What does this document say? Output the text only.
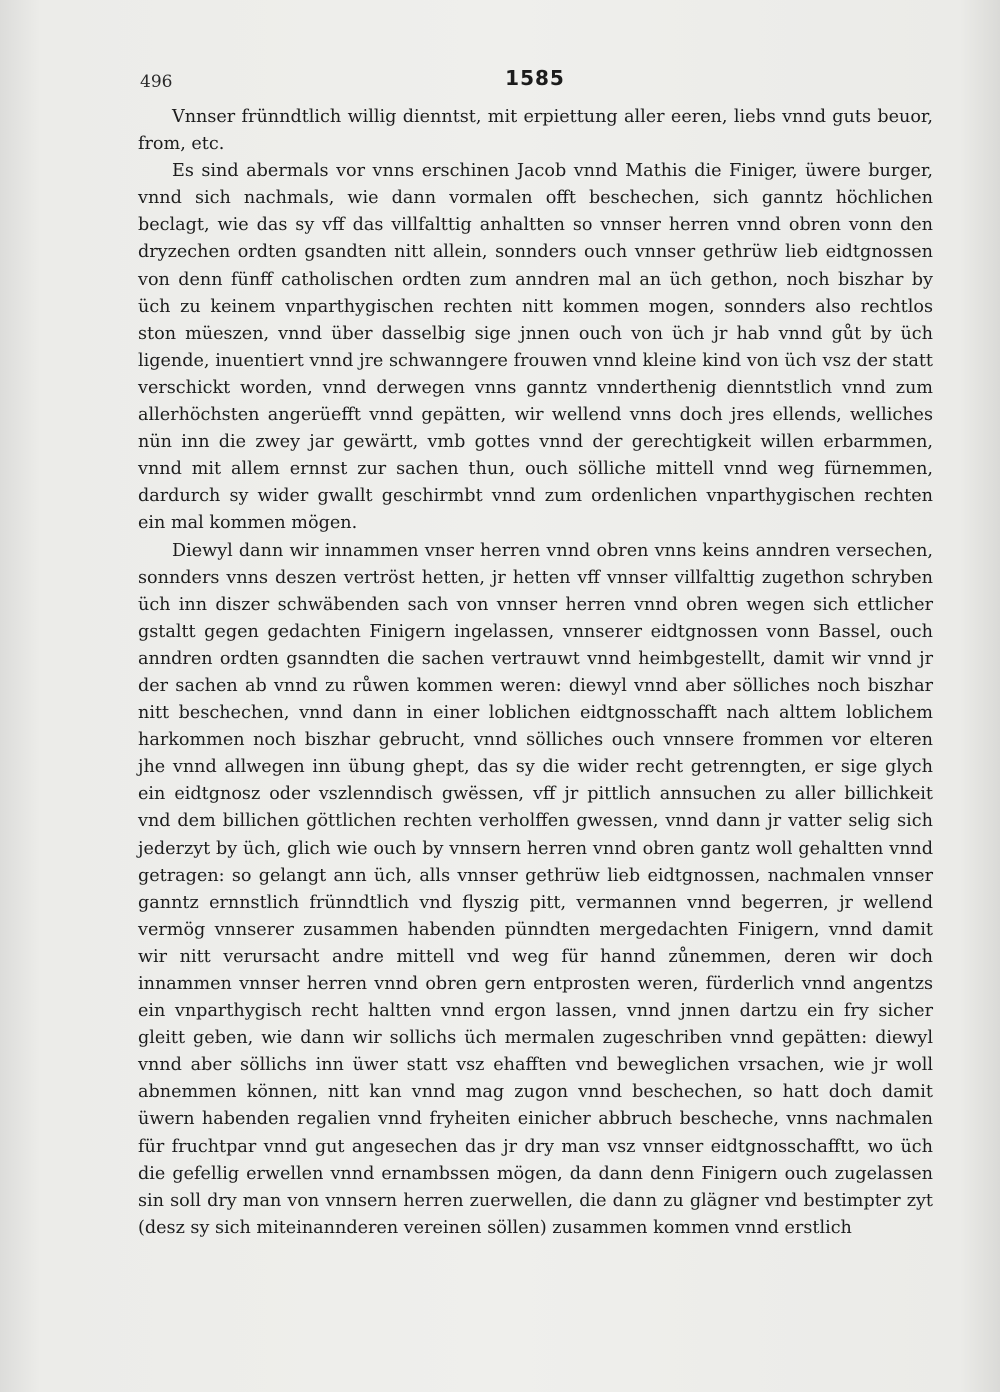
496	1585

Vnnser frünndtlich willig dienntst, mit erpiettung aller eeren, liebs vnnd guts beuor, from, etc.

Es sind abermals vor vnns erschinen Jacob vnnd Mathis die Finiger, üwere burger, vnnd sich nachmals, wie dann vormalen offt beschechen, sich ganntz höchlichen beclagt, wie das sy vff das villfalttig anhaltten so vnnser herren vnnd obren vonn den dryzechen ordten gsandten nitt allein, sonnders ouch vnnser gethrüw lieb eidtgnossen von denn fünff catholischen ordten zum anndren mal an üch gethon, noch biszhar by üch zu keinem vnparthygischen rechten nitt kommen mogen, sonnders also rechtlos ston müeszen, vnnd über dasselbig sige jnnen ouch von üch jr hab vnnd gůt by üch ligende, inuentiert vnnd jre schwanngere frouwen vnnd kleine kind von üch vsz der statt verschickt worden, vnnd derwegen vnns ganntz vnnderthenig dienntstlich vnnd zum allerhöchsten angerüefft vnnd gepätten, wir wellend vnns doch jres ellends, welliches nün inn die zwey jar gewärtt, vmb gottes vnnd der gerechtigkeit willen erbarmmen, vnnd mit allem ernnst zur sachen thun, ouch sölliche mittell vnnd weg fürnemmen, dardurch sy wider gwallt geschirmbt vnnd zum ordenlichen vnparthygischen rechten ein mal kommen mögen.

Diewyl dann wir innammen vnser herren vnnd obren vnns keins anndren versechen, sonnders vnns deszen vertröst hetten, jr hetten vff vnnser villfalttig zugethon schryben üch inn diszer schwäbenden sach von vnnser herren vnnd obren wegen sich ettlicher gstaltt gegen gedachten Finigern ingelassen, vnnserer eidtgnossen vonn Bassel, ouch anndren ordten gsanndten die sachen vertrauwt vnnd heimbgestellt, damit wir vnnd jr der sachen ab vnnd zu růwen kommen weren: diewyl vnnd aber sölliches noch biszhar nitt beschechen, vnnd dann in einer loblichen eidtgnosschafft nach alttem loblichem harkommen noch biszhar gebrucht, vnnd sölliches ouch vnnsere frommen vor elteren jhe vnnd allwegen inn übung ghept, das sy die wider recht getrenngten, er sige glych ein eidtgnosz oder vszlenndisch gwëssen, vff jr pittlich annsuchen zu aller billichkeit vnd dem billichen göttlichen rechten verholffen gwessen, vnnd dann jr vatter selig sich jederzyt by üch, glich wie ouch by vnnsern herren vnnd obren gantz woll gehaltten vnnd getragen: so gelangt ann üch, alls vnnser gethrüw lieb eidtgnossen, nachmalen vnnser ganntz ernnstlich frünndtlich vnd flyszig pitt, vermannen vnnd begerren, jr wellend vermög vnnserer zusammen habenden pünndten mergedachten Finigern, vnnd damit wir nitt verursacht andre mittell vnd weg für hannd zůnemmen, deren wir doch innammen vnnser herren vnnd obren gern entprosten weren, fürderlich vnnd angentzs ein vnparthygisch recht haltten vnnd ergon lassen, vnnd jnnen dartzu ein fry sicher gleitt geben, wie dann wir sollichs üch mermalen zugeschriben vnnd gepätten: diewyl vnnd aber söllichs inn üwer statt vsz ehafften vnd beweglichen vrsachen, wie jr woll abnemmen können, nitt kan vnnd mag zugon vnnd beschechen, so hatt doch damit üwern habenden regalien vnnd fryheiten einicher abbruch bescheche, vnns nachmalen für fruchtpar vnnd gut angesechen das jr dry man vsz vnnser eidtgnosschafftt, wo üch die gefellig erwellen vnnd ernambssen mögen, da dann denn Finigern ouch zugelassen sin soll dry man von vnnsern herren zuerwellen, die dann zu glägner vnd bestimpter zyt (desz sy sich miteinannderen vereinen söllen) zusammen kommen vnnd erstlich
